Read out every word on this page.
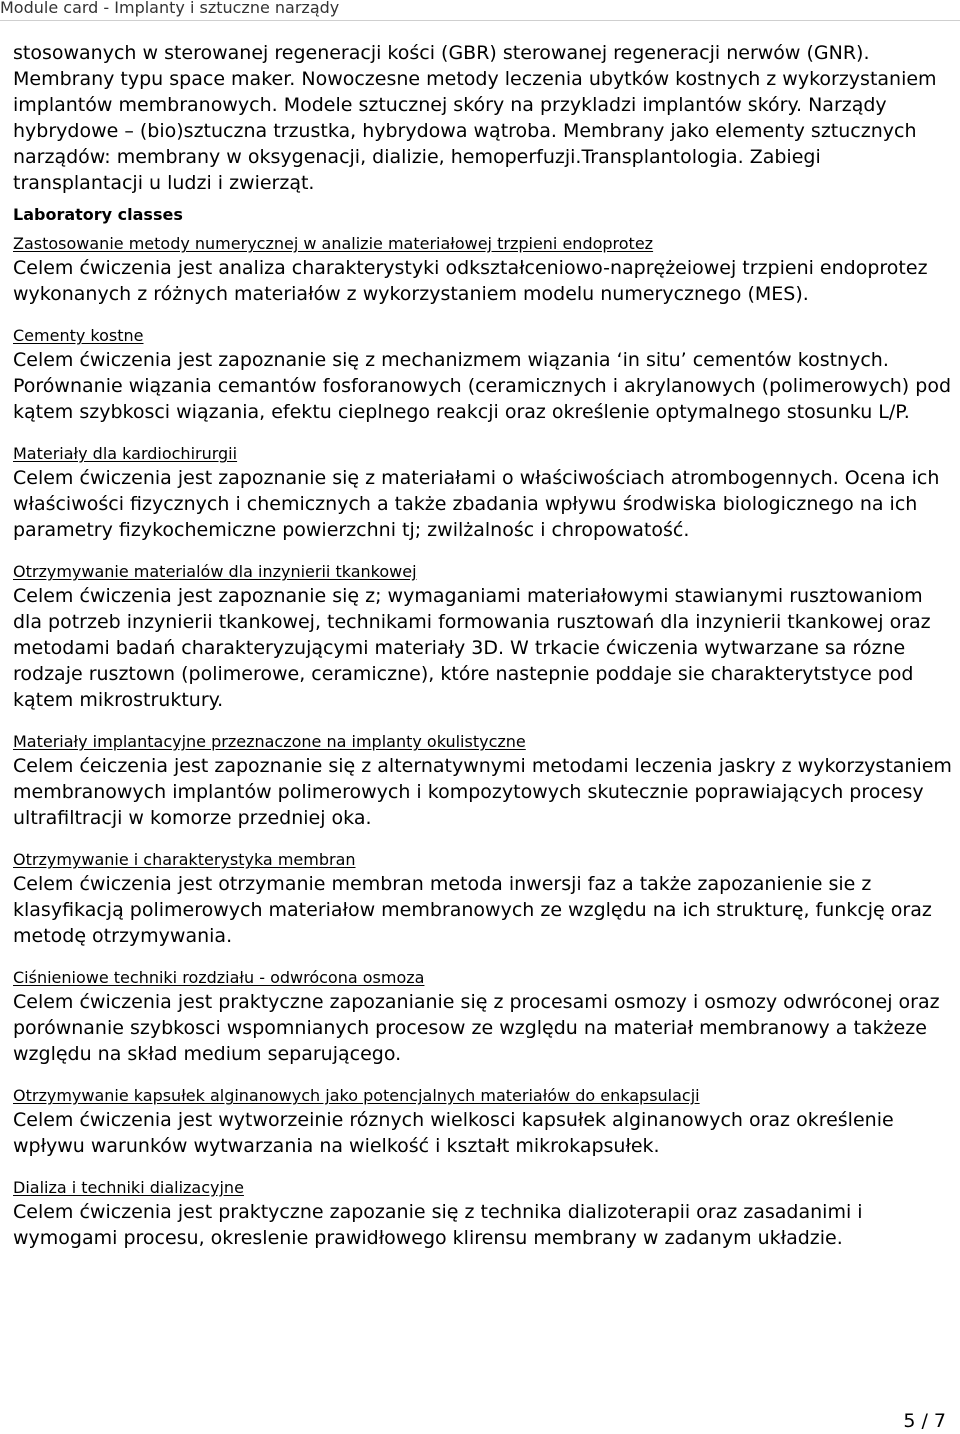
Module card - Implanty i sztuczne narządy

stosowanych w sterowanej regeneracji kości (GBR) sterowanej regeneracji nerwów (GNR). Membrany typu space maker. Nowoczesne metody leczenia ubytków kostnych z wykorzystaniem implantów membranowych. Modele sztucznej skóry na przykladzi implantów skóry. Narządy hybrydowe – (bio)sztuczna trzustka, hybrydowa wątroba. Membrany jako elementy sztucznych narządów: membrany w oksygenacji, dializie, hemoperfuzji.Transplantologia. Zabiegi transplantacji u ludzi i zwierząt.

Laboratory classes
Zastosowanie metody numerycznej w analizie materiałowej trzpieni endoprotez

Celem ćwiczenia jest analiza charakterystyki odkształceniowo-naprężeiowej trzpieni endoprotez wykonanych z różnych materiałów z wykorzystaniem modelu numerycznego (MES).

Cementy kostne

Celem ćwiczenia jest zapoznanie się z mechanizmem wiązania ‘in situ’ cementów kostnych. Porównanie wiązania cemantów fosforanowych (ceramicznych i akrylanowych (polimerowych) pod kątem szybkosci wiązania, efektu cieplnego reakcji oraz określenie optymalnego stosunku L/P.

Materiały dla kardiochirurgii

Celem ćwiczenia jest zapoznanie się z materiałami o właściwościach atrombogennych. Ocena ich właściwości fizycznych i chemicznych a także zbadania wpływu środwiska biologicznego na ich parametry fizykochemiczne powierzchni tj; zwilżalnośc i chropowatość.

Otrzymywanie materialów dla inzynierii tkankowej

Celem ćwiczenia jest zapoznanie się z; wymaganiami materiałowymi stawianymi rusztowaniom dla potrzeb inzynierii tkankowej, technikami formowania rusztowań dla inzynierii tkankowej oraz metodami badań charakteryzującymi materiały 3D. W trkacie ćwiczenia wytwarzane sa rózne rodzaje rusztown (polimerowe, ceramiczne), które nastepnie poddaje sie charakterytstyce pod kątem mikrostruktury.

Materiały implantacyjne przeznaczone na implanty okulistyczne

Celem ćeiczenia jest zapoznanie się z alternatywnymi metodami leczenia jaskry z wykorzystaniem membranowych implantów polimerowych i kompozytowych skutecznie poprawiających procesy ultrafiltracji w komorze przedniej oka.

Otrzymywanie i charakterystyka membran

Celem ćwiczenia jest otrzymanie membran metoda inwersji faz a także zapozanienie sie z klasyfikacją polimerowych materiałow membranowych ze względu na ich strukturę, funkcję oraz metodę otrzymywania.

Ciśnieniowe techniki rozdziału - odwrócona osmoza

Celem ćwiczenia jest praktyczne zapozanianie się z procesami osmozy i osmozy odwróconej oraz porównanie szybkosci wspomnianych procesow ze względu na materiał membranowy a takżeze względu na skład medium separującego.

Otrzymywanie kapsułek alginanowych jako potencjalnych materiałów do enkapsulacji

Celem ćwiczenia jest wytworzeinie róznych wielkosci kapsułek alginanowych oraz określenie wpływu warunków wytwarzania na wielkość i kształt mikrokapsułek.

Dializa i techniki dializacyjne

Celem ćwiczenia jest praktyczne zapozanie się z technika dializoterapii oraz zasadanimi i wymogami procesu, okreslenie prawidłowego klirensu membrany w zadanym układzie.

5 / 7
